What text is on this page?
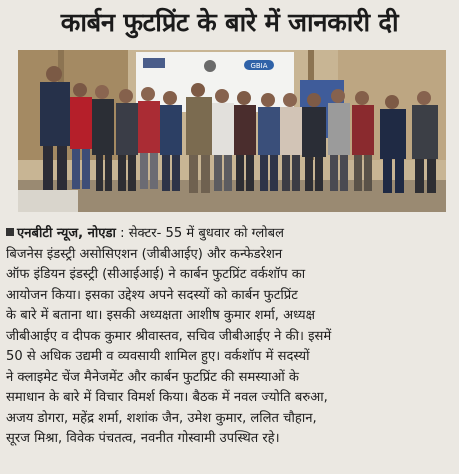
कार्बन फुटप्रिंट के बारे में जानकारी दी
GBIA
एनबीटी न्यूज, नोएडा : सेक्टर- 55 में बुधवार को ग्लोबल
बिजनेस इंडस्ट्री असोसिएशन (जीबीआईए) और कन्फेडरेशन
ऑफ इंडियन इंडस्ट्री (सीआईआई) ने कार्बन फुटप्रिंट वर्कशॉप का
आयोजन किया। इसका उद्देश्य अपने सदस्यों को कार्बन फुटप्रिंट
के बारे में बताना था। इसकी अध्यक्षता आशीष कुमार शर्मा, अध्यक्ष
जीबीआईए व दीपक कुमार श्रीवास्तव, सचिव जीबीआईए ने की। इसमें
50 से अधिक उद्यमी व व्यवसायी शामिल हुए। वर्कशॉप में सदस्यों
ने क्लाइमेट चेंज मैनेजमेंट और कार्बन फुटप्रिंट की समस्याओं के
समाधान के बारे में विचार विमर्श किया। बैठक में नवल ज्योति बरुआ,
अजय डोगरा, महेंद्र शर्मा, शशांक जैन, उमेश कुमार, ललित चौहान,
सूरज मिश्रा, विवेक पंचतत्व, नवनीत गोस्वामी उपस्थित रहे।
